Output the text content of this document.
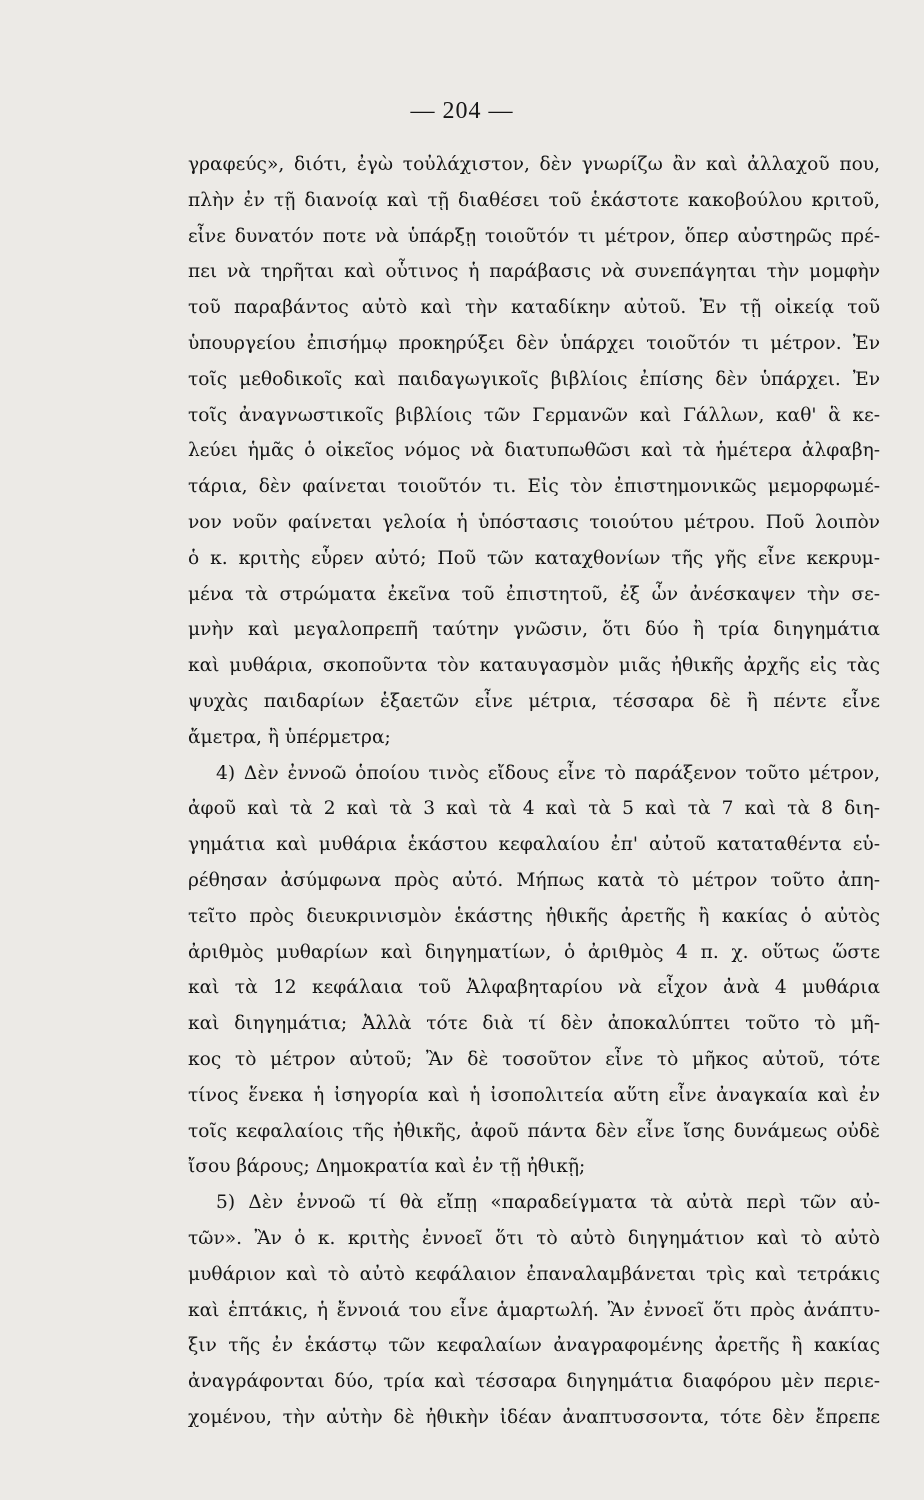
— 204 —
γραφεύς», διότι, ἐγὼ τοὐλάχιστον, δὲν γνωρίζω ἂν καὶ ἀλλαχοῦ που,
πλὴν ἐν τῇ διανοίᾳ καὶ τῇ διαθέσει τοῦ ἑκάστοτε κακοβούλου κριτοῦ,
εἶνε δυνατόν ποτε νὰ ὑπάρξῃ τοιοῦτόν τι μέτρον, ὅπερ αὐστηρῶς πρέ-
πει νὰ τηρῆται καὶ οὗτινος ἡ παράβασις νὰ συνεπάγηται τὴν μομφὴν
τοῦ παραβάντος αὐτὸ καὶ τὴν καταδίκην αὐτοῦ. Ἐν τῇ οἰκείᾳ τοῦ
ὑπουργείου ἐπισήμῳ προκηρύξει δὲν ὑπάρχει τοιοῦτόν τι μέτρον. Ἐν
τοῖς μεθοδικοῖς καὶ παιδαγωγικοῖς βιβλίοις ἐπίσης δὲν ὑπάρχει. Ἐν
τοῖς ἀναγνωστικοῖς βιβλίοις τῶν Γερμανῶν καὶ Γάλλων, καθ' ἃ κε-
λεύει ἡμᾶς ὁ οἰκεῖος νόμος νὰ διατυπωθῶσι καὶ τὰ ἡμέτερα ἀλφαβη-
τάρια, δὲν φαίνεται τοιοῦτόν τι. Εἰς τὸν ἐπιστημονικῶς μεμορφωμέ-
νον νοῦν φαίνεται γελοία ἡ ὑπόστασις τοιούτου μέτρου. Ποῦ λοιπὸν
ὁ κ. κριτὴς εὗρεν αὐτό; Ποῦ τῶν καταχθονίων τῆς γῆς εἶνε κεκρυμ-
μένα τὰ στρώματα ἐκεῖνα τοῦ ἐπιστητοῦ, ἐξ ὧν ἀνέσκαψεν τὴν σε-
μνὴν καὶ μεγαλοπρεπῆ ταύτην γνῶσιν, ὅτι δύο ἢ τρία διηγημάτια
καὶ μυθάρια, σκοποῦντα τὸν καταυγασμὸν μιᾶς ἠθικῆς ἀρχῆς εἰς τὰς
ψυχὰς παιδαρίων ἑξαετῶν εἶνε μέτρια, τέσσαρα δὲ ἢ πέντε εἶνε
ἄμετρα, ἢ ὑπέρμετρα;
4) Δὲν ἐννοῶ ὁποίου τινὸς εἴδους εἶνε τὸ παράξενον τοῦτο μέτρον,
ἀφοῦ καὶ τὰ 2 καὶ τὰ 3 καὶ τὰ 4 καὶ τὰ 5 καὶ τὰ 7 καὶ τὰ 8 διη-
γημάτια καὶ μυθάρια ἑκάστου κεφαλαίου ἐπ' αὐτοῦ καταταθέντα εὑ-
ρέθησαν ἀσύμφωνα πρὸς αὐτό. Μήπως κατὰ τὸ μέτρον τοῦτο ἀπη-
τεῖτο πρὸς διευκρινισμὸν ἑκάστης ἠθικῆς ἀρετῆς ἢ κακίας ὁ αὐτὸς
ἀριθμὸς μυθαρίων καὶ διηγηματίων, ὁ ἀριθμὸς 4 π. χ. οὕτως ὥστε
καὶ τὰ 12 κεφάλαια τοῦ Ἀλφαβηταρίου νὰ εἶχον ἀνὰ 4 μυθάρια
καὶ διηγημάτια; Ἀλλὰ τότε διὰ τί δὲν ἀποκαλύπτει τοῦτο τὸ μῆ-
κος τὸ μέτρον αὐτοῦ; Ἂν δὲ τοσοῦτον εἶνε τὸ μῆκος αὐτοῦ, τότε
τίνος ἕνεκα ἡ ἰσηγορία καὶ ἡ ἰσοπολιτεία αὕτη εἶνε ἀναγκαία καὶ ἐν
τοῖς κεφαλαίοις τῆς ἠθικῆς, ἀφοῦ πάντα δὲν εἶνε ἴσης δυνάμεως οὐδὲ
ἴσου βάρους; Δημοκρατία καὶ ἐν τῇ ἠθικῇ;
5) Δὲν ἐννοῶ τί θὰ εἴπῃ «παραδείγματα τὰ αὐτὰ περὶ τῶν αὐ-
τῶν». Ἂν ὁ κ. κριτὴς ἐννοεῖ ὅτι τὸ αὐτὸ διηγημάτιον καὶ τὸ αὐτὸ
μυθάριον καὶ τὸ αὐτὸ κεφάλαιον ἐπαναλαμβάνεται τρὶς καὶ τετράκις
καὶ ἑπτάκις, ἡ ἔννοιά του εἶνε ἁμαρτωλή. Ἂν ἐννοεῖ ὅτι πρὸς ἀνάπτυ-
ξιν τῆς ἐν ἑκάστῳ τῶν κεφαλαίων ἀναγραφομένης ἀρετῆς ἢ κακίας
ἀναγράφονται δύο, τρία καὶ τέσσαρα διηγημάτια διαφόρου μὲν περιε-
χομένου, τὴν αὐτὴν δὲ ἠθικὴν ἰδέαν ἀναπτυσσοντα, τότε δὲν ἔπρεπε
